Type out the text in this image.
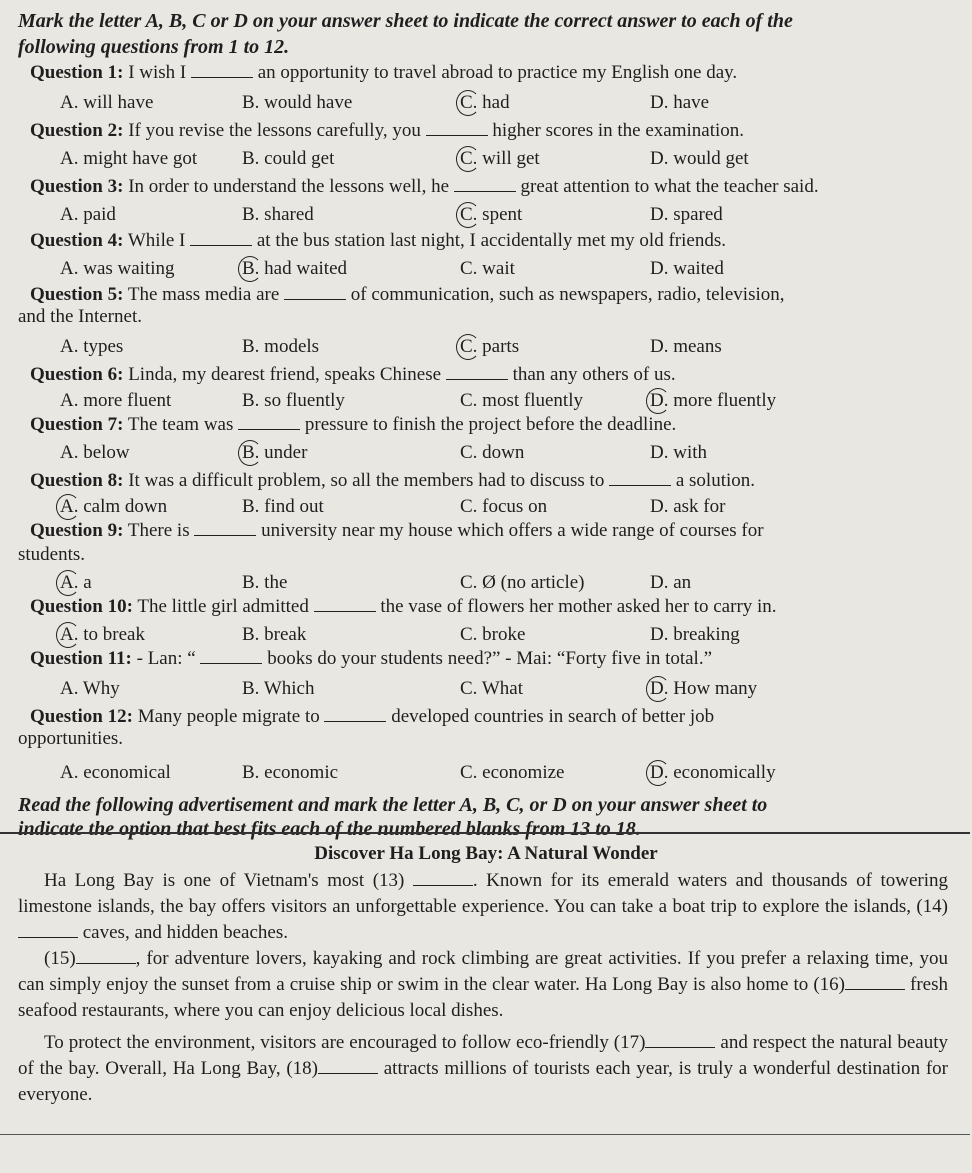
Mark the letter A, B, C or D on your answer sheet to indicate the correct answer to each of the
following questions from 1 to 12.
Question 1: I wish I	an opportunity to travel abroad to practice my English one day.
A. will have	B. would have	C. had	D. have
Question 2: If you revise the lessons carefully, you	higher scores in the examination.
A. might have got B. could get	C. will get	D. would get
Question 3: In order to understand the lessons well, he	great attention to what the teacher said.
A. paid	B. shared	C. spent	D. spared
Question 4: While I	at the bus station last night, I accidentally met my old friends.
A. was waiting	B. had waited	C. wait	D. waited
Question 5: The mass media are	of communication, such as newspapers, radio, television,
and the Internet.
A. types	B. models	C. parts	D. means
Question 6: Linda, my dearest friend, speaks Chinese	than any others of us.
A. more fluent	B. so fluently	C. most fluently	D. more fluently
Question 7: The team was	pressure to finish the project before the deadline.
A. below	B. under	C. down	D. with
Question 8: It was a difficult problem, so all the members had to discuss to	a solution.
A. calm down	B. find out	C. focus on	D. ask for
Question 9: There is	university near my house which offers a wide range of courses for
students.
A. a	B. the	C. Ø (no article)	D. an
Question 10: The little girl admitted	the vase of flowers her mother asked her to carry in.
A. to break	B. break	C. broke	D. breaking
Question 11: - Lan: “	books do your students need?” - Mai: “Forty five in total.”
A. Why	B. Which	C. What	D. How many
Question 12: Many people migrate to	developed countries in search of better job
opportunities.
A. economical	B. economic	C. economize	D. economically
Read the following advertisement and mark the letter A, B, C, or D on your answer sheet to
indicate the option that best fits each of the numbered blanks from 13 to 18.
Discover Ha Long Bay: A Natural Wonder
Ha Long Bay is one of Vietnam's most (13)	. Known for its emerald waters and thousands of towering limestone islands, the bay offers visitors an unforgettable experience. You can take a boat trip to explore the islands, (14) caves, and hidden beaches.
(15)	, for adventure lovers, kayaking and rock climbing are great activities. If you prefer a relaxing time, you can simply enjoy the sunset from a cruise ship or swim in the clear water. Ha Long Bay is also home to (16)	fresh seafood restaurants, where you can enjoy delicious local dishes.
To protect the environment, visitors are encouraged to follow eco-friendly (17)	and respect the natural beauty of the bay. Overall, Ha Long Bay, (18)	attracts millions of tourists each year, is truly a wonderful destination for everyone.
